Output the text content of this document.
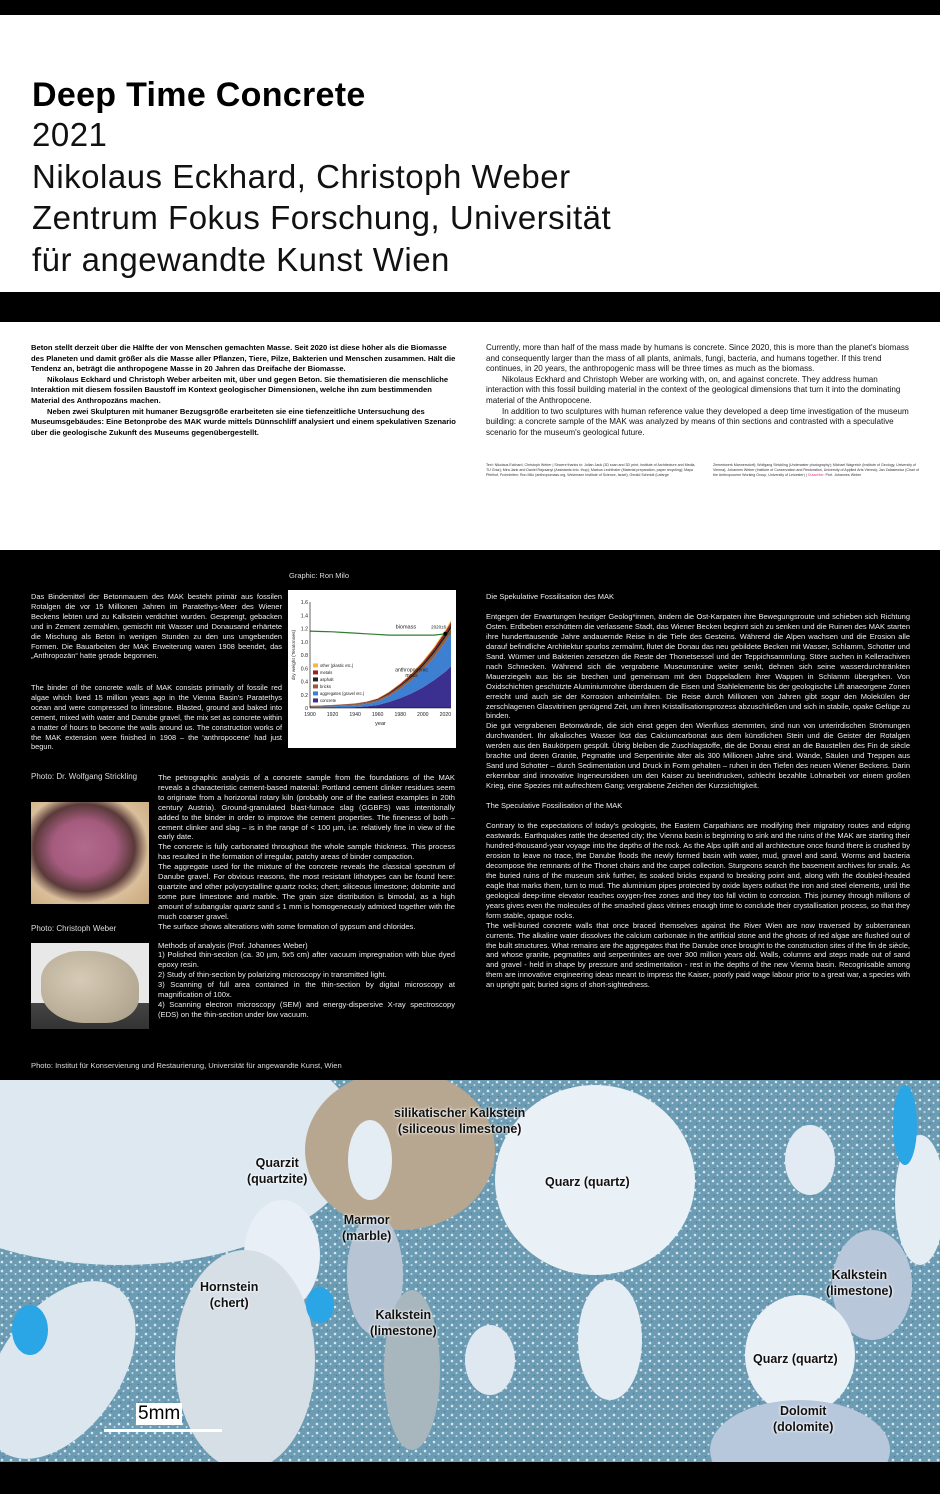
Deep Time Concrete
2021
Nikolaus Eckhard, Christoph Weber
Zentrum Fokus Forschung, Universität
für angewandte Kunst Wien

Beton stellt derzeit über die Hälfte der von Menschen gemachten Masse. Seit 2020 ist diese höher als die Biomasse des Planeten und damit größer als die Masse aller Pflanzen, Tiere, Pilze, Bakterien und Menschen zusammen. Hält die Tendenz an, beträgt die anthropogene Masse in 20 Jahren das Dreifache der Biomasse.

Nikolaus Eckhard und Christoph Weber arbeiten mit, über und gegen Beton. Sie thematisieren die menschliche Interaktion mit diesem fossilen Baustoff im Kontext geologischer Dimensionen, welche ihn zum bestimmenden Material des Anthropozäns machen.

Neben zwei Skulpturen mit humaner Bezugsgröße erarbeiteten sie eine tiefenzeitliche Untersuchung des Museumsgebäudes: Eine Betonprobe des MAK wurde mittels Dünnschliff analysiert und einem spekulativen Szenario über die geologische Zukunft des Museums gegenübergestellt.

Currently, more than half of the mass made by humans is concrete. Since 2020, this is more than the planet's biomass and consequently larger than the mass of all plants, animals, fungi, bacteria, and humans together. If this trend continues, in 20 years, the anthropogenic mass will be three times as much as the biomass.

Nikolaus Eckhard and Christoph Weber are working with, on, and against concrete. They address human interaction with this fossil building material in the context of the geological dimensions that turn it into the dominating material of the Anthropocene.

In addition to two sculptures with human reference value they developed a deep time investigation of the museum building: a concrete sample of the MAK was analyzed by means of thin sections and contrasted with a speculative scenario for the museum's geological future.

Text: Nikolaus Eckhard, Christoph Weber | Sincere thanks to: Julian Jauk (3D scan and 3D print, Institute of Architecture and Media, TU Graz); Mira Jank and Daniel Rajcsanyi (Assistants brio. thup); Markus Lechthaler (Material preparation, paper recycling); Maya Pfeilhof, Frohnleiten; Ron Milo (anthropomass.org, Weizmann Institute of Science, Israel); Gerald Schmidt (Lafarge
Zementwerk Mannersdorf); Wolfgang Strickling (Underwater photography); Michael Wagreich (Institute of Geology, University of Vienna); Johannes Weber (Institute of Conservation and Restoration, University of Applied Arts Vienna); Jan Zalasiewicz (Chair of the Anthropocene Working Group, University of Leicester) | Gutachter: Prof. Johannes Weber
Graphic: Ron Milo
Das Bindemittel der Betonmauern des MAK besteht primär aus fossilen Rotalgen die vor 15 Millionen Jahren im Paratethys-Meer des Wiener Beckens lebten und zu Kalkstein verdichtet wurden. Gesprengt, gebacken und in Zement zermahlen, gemischt mit Wasser und Donausand erhärtete die Mischung als Beton in wenigen Stunden zu den uns umgebenden Formen. Die Bauarbeiten der MAK Erweiterung waren 1908 beendet, das „Anthropozän“ hatte gerade begonnen.
The binder of the concrete walls of MAK consists primarily of fossile red algae which lived 15 million years ago in the Vienna Basin's Paratethys ocean and were compressed to limestone. Blasted, ground and baked into cement, mixed with water and Danube gravel, the mix set as concrete within a matter of hours to become the walls around us. The construction works of the MAK extension were finished in 1908 – the 'anthropocene' had just begun.
1900 1920 1940 1960 1980 2000 2020
0
0.2
0.4
0.6
0.8
1.0
1.2
1.4
1.6
year
dry weight (Teratonnes)
biomass	2020±6
anthropogenic
mass
other (plastic etc.)
metals
asphalt
bricks
aggregates (gravel etc.)
concrete
Photo: Dr. Wolfgang Strickling
Photo: Christoph Weber

The petrographic analysis of a concrete sample from the foundations of the MAK reveals a characteristic cement-based material: Portland cement clinker residues seem to originate from a horizontal rotary kiln (probably one of the earliest examples in 20th century Austria). Ground-granulated blast-furnace slag (GGBFS) was intentionally added to the binder in order to improve the cement properties. The fineness of both – cement clinker and slag – is in the range of < 100 µm, i.e. relatively fine in view of the early date.

The concrete is fully carbonated throughout the whole sample thickness. This process has resulted in the formation of irregular, patchy areas of binder compaction.

The aggregate used for the mixture of the concrete reveals the classical spectrum of Danube gravel. For obvious reasons, the most resistant lithotypes can be found here: quartzite and other polycrystalline quartz rocks; chert; siliceous limestone; dolomite and some pure limestone and marble. The grain size distribution is bimodal, as a high amount of subangular quartz sand ≤ 1 mm is homogeneously admixed together with the much coarser gravel.

The surface shows alterations with some formation of gypsum and chlorides.

Methods of analysis (Prof. Johannes Weber)

1) Polished thin-section (ca. 30 µm, 5x5 cm) after vacuum impregnation with blue dyed epoxy resin.

2) Study of thin-section by polarizing microscopy in transmitted light.

3) Scanning of full area contained in the thin-section by digital microscopy at magnification of 100x.

4) Scanning electron microscopy (SEM) and energy-dispersive X-ray spectroscopy (EDS) on the thin-section under low vacuum.

Die Spekulative Fossilisation des MAK

Entgegen der Erwartungen heutiger Geolog*innen, ändern die Ost-Karpaten ihre Bewegungsroute und schieben sich Richtung Osten. Erdbeben erschüttern die verlassene Stadt, das Wiener Becken beginnt sich zu senken und die Ruinen des MAK starten ihre hunderttausende Jahre andauernde Reise in die Tiefe des Gesteins. Während die Alpen wachsen und die Erosion alle darauf befindliche Architektur spurlos zermalmt, flutet die Donau das neu gebildete Becken mit Wasser, Schlamm, Schotter und Sand. Würmer und Bakterien zersetzen die Reste der Thonetsessel und der Teppichsammlung. Störe suchen in Kellerachiven nach Schnecken. Während sich die vergrabene Museumsruine weiter senkt, dehnen sich seine wasserdurchtränkten Mauerziegeln aus bis sie brechen und gemeinsam mit den Doppeladlern ihrer Wappen in Schlamm übergehen. Von Oxidschichten geschützte Aluminiumrohre überdauern die Eisen und Stahlelemente bis der geologische Lift anaeorgene Zonen erreicht und auch sie der Korrosion anheimfallen. Die Reise durch Millionen von Jahren gibt sogar den Molekülen der zerschlagenen Glasvitrinen genügend Zeit, um ihren Kristallisationsprozess abzuschließen und sich in stabile, opake Gefüge zu binden.

Die gut vergrabenen Betonwände, die sich einst gegen den Wienfluss stemmten, sind nun von unterirdischen Strömungen durchwandert. Ihr alkalisches Wasser löst das Calciumcarbonat aus dem künstlichen Stein und die Geister der Rotalgen werden aus den Baukörpern gespült. Übrig bleiben die Zuschlagstoffe, die die Donau einst an die Baustellen des Fin de siècle brachte und deren Granite, Pegmatite und Serpentinite älter als 300 Millionen Jahre sind. Wände, Säulen und Treppen aus Sand und Schotter – durch Sedimentation und Druck in Form gehalten – ruhen in den Tiefen des neuen Wiener Beckens. Darin erkennbar sind innovative Ingeneursideen um den Kaiser zu beeindrucken, schlecht bezahlte Lohnarbeit vor einem großen Krieg, eine Spezies mit aufrechtem Gang; vergrabene Zeichen der Kurzsichtigkeit.

The Speculative Fossilisation of the MAK

Contrary to the expectations of today's geologists, the Eastern Carpathians are modifying their migratory routes and edging eastwards. Earthquakes rattle the deserted city; the Vienna basin is beginning to sink and the ruins of the MAK are starting their hundred-thousand-year voyage into the depths of the rock. As the Alps uplift and all architecture once found there is crushed by erosion to leave no trace, the Danube floods the newly formed basin with water, mud, gravel and sand. Worms and bacteria decompose the remnants of the Thonet chairs and the carpet collection. Sturgeons search the basement archives for snails. As the buried ruins of the museum sink further, its soaked bricks expand to breaking point and, along with the doubled-headed eagle that marks them, turn to mud. The aluminium pipes protected by oxide layers outlast the iron and steel elements, until the geological deep-time elevator reaches oxygen-free zones and they too fall victim to corrosion. This journey through millions of years gives even the molecules of the smashed glass vitrines enough time to conclude their crystallisation process, so that they form stable, opaque rocks.

The well-buried concrete walls that once braced themselves against the River Wien are now traversed by subterranean currents. The alkaline water dissolves the calcium carbonate in the artificial stone and the ghosts of red algae are flushed out of the built structures. What remains are the aggregates that the Danube once brought to the construction sites of the fin de siècle, and whose granite, pegmatites and serpentinites are over 300 million years old. Walls, columns and steps made out of sand and gravel - held in shape by pressure and sedimentation - rest in the depths of the new Vienna basin. Recognisable among them are innovative engineering ideas meant to impress the Kaiser, poorly paid wage labour prior to a great war, a species with an upright gait; buried signs of short-sightedness.

Photo: Institut für Konservierung und Restaurierung, Universität für angewandte Kunst, Wien
silikatischer Kalkstein
(siliceous limestone)
Quarzit
(quartzite)	Quarz (quartz)
Marmor
(marble)
Hornstein
(chert)
Kalkstein
(limestone)
Kalkstein
(limestone)
Quarz (quartz)
Dolomit
(dolomite)
5mm
